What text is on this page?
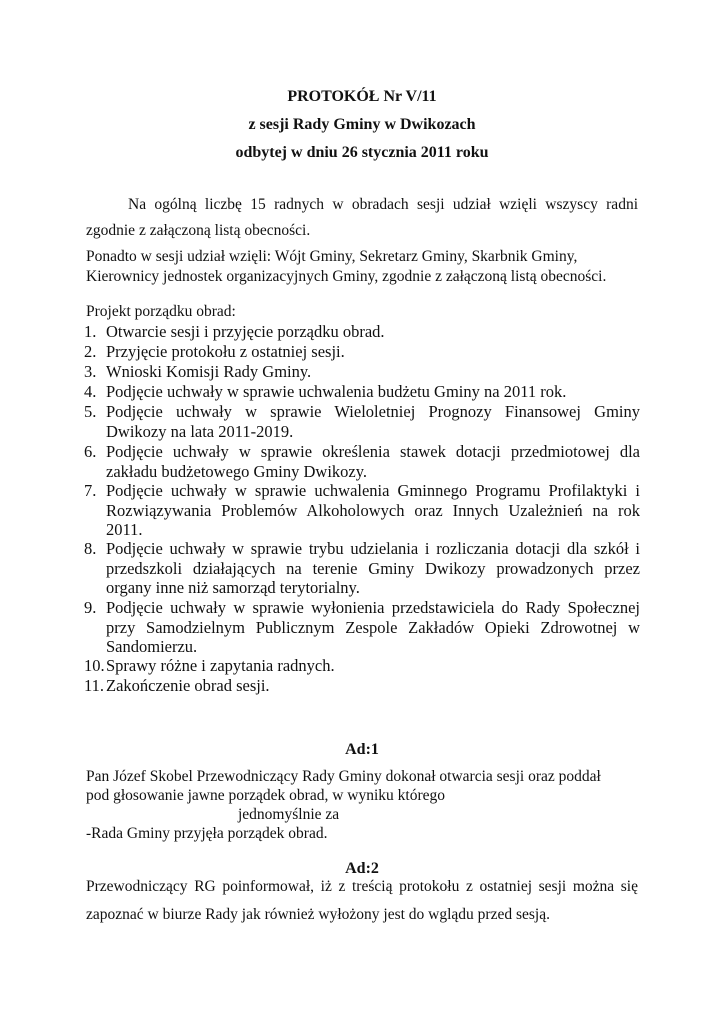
PROTOKÓŁ Nr V/11
z sesji Rady Gminy w Dwikozach
odbytej w dniu 26 stycznia 2011 roku
Na ogólną liczbę 15 radnych w obradach sesji udział wzięli wszyscy radni
zgodnie z załączoną listą obecności.
Ponadto w sesji udział wzięli: Wójt Gminy, Sekretarz Gminy, Skarbnik Gminy,
Kierownicy jednostek organizacyjnych Gminy, zgodnie z załączoną listą obecności.
Projekt porządku obrad:
1. Otwarcie sesji i przyjęcie porządku obrad.
2. Przyjęcie protokołu z ostatniej sesji.
3. Wnioski Komisji Rady Gminy.
4. Podjęcie uchwały w sprawie uchwalenia budżetu Gminy na 2011 rok.
5. Podjęcie uchwały w sprawie Wieloletniej Prognozy Finansowej Gminy Dwikozy na lata 2011-2019.
6. Podjęcie uchwały w sprawie określenia stawek dotacji przedmiotowej dla zakładu budżetowego Gminy Dwikozy.
7. Podjęcie uchwały w sprawie uchwalenia Gminnego Programu Profilaktyki i Rozwiązywania Problemów Alkoholowych oraz Innych Uzależnień na rok 2011.
8. Podjęcie uchwały w sprawie trybu udzielania i rozliczania dotacji dla szkół i przedszkoli działających na terenie Gminy Dwikozy prowadzonych przez organy inne niż samorząd terytorialny.
9. Podjęcie uchwały w sprawie wyłonienia przedstawiciela do Rady Społecznej przy Samodzielnym Publicznym Zespole Zakładów Opieki Zdrowotnej w Sandomierzu.
10. Sprawy różne i zapytania radnych.
11. Zakończenie obrad sesji.
Ad:1
Pan Józef Skobel Przewodniczący Rady Gminy dokonał otwarcia sesji oraz poddał
pod głosowanie jawne porządek obrad, w wyniku którego
jednomyślnie za
-Rada Gminy przyjęła porządek obrad.
Ad:2
Przewodniczący RG poinformował, iż z treścią protokołu z ostatniej sesji można się
zapoznać w biurze Rady jak również wyłożony jest do wglądu przed sesją.
